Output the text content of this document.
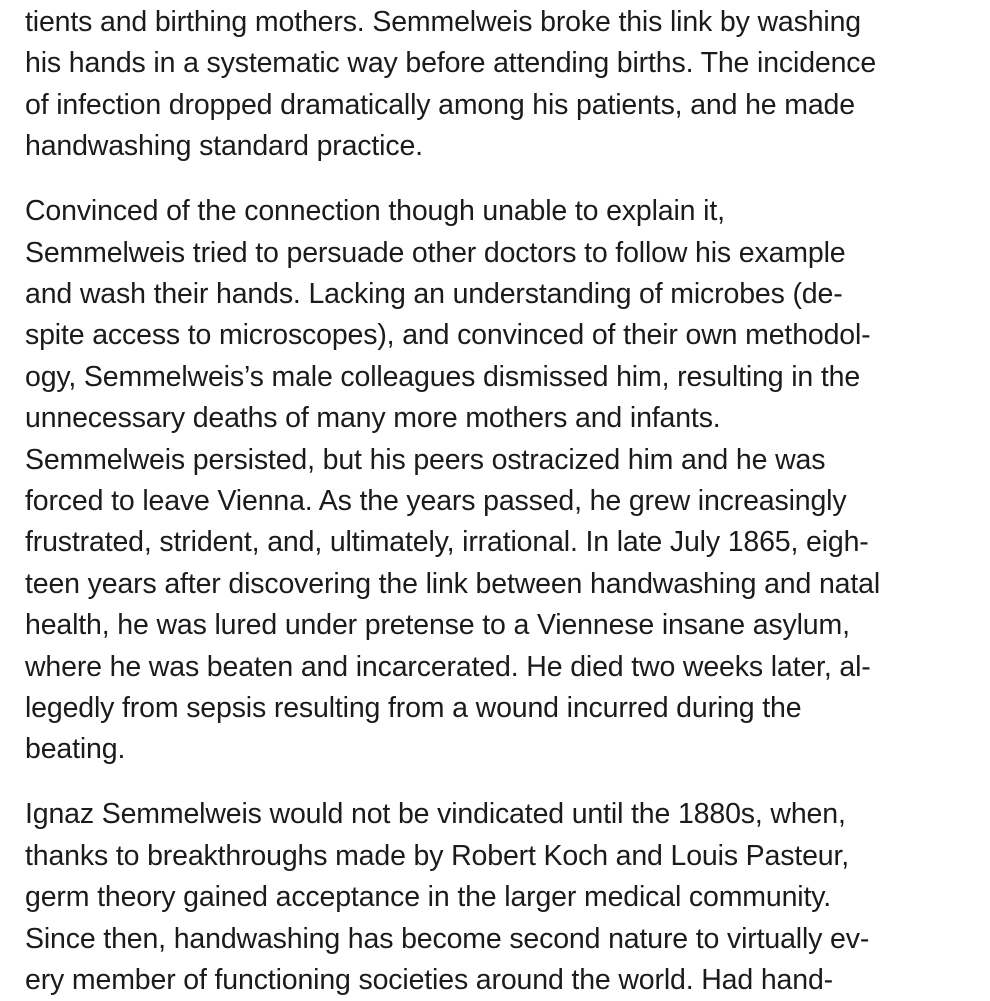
tients and birthing mothers. Semmelweis broke this link by washing
his hands in a systematic way before attending births. The incidence
of infection dropped dramatically among his patients, and he made
handwashing standard practice.

Convinced of the connection though unable to explain it,
Semmelweis tried to persuade other doctors to follow his example
and wash their hands. Lacking an understanding of microbes (de-
spite access to microscopes), and convinced of their own methodol-
ogy, Semmelweis’s male colleagues dismissed him, resulting in the
unnecessary deaths of many more mothers and infants.
Semmelweis persisted, but his peers ostracized him and he was
forced to leave Vienna. As the years passed, he grew increasingly
frustrated, strident, and, ultimately, irrational. In late July 1865, eigh-
teen years after discovering the link between handwashing and natal
health, he was lured under pretense to a Viennese insane asylum,
where he was beaten and incarcerated. He died two weeks later, al-
legedly from sepsis resulting from a wound incurred during the
beating.

Ignaz Semmelweis would not be vindicated until the 1880s, when,
thanks to breakthroughs made by Robert Koch and Louis Pasteur,
germ theory gained acceptance in the larger medical community.
Since then, handwashing has become second nature to virtually ev-
ery member of functioning societies around the world. Had hand-
